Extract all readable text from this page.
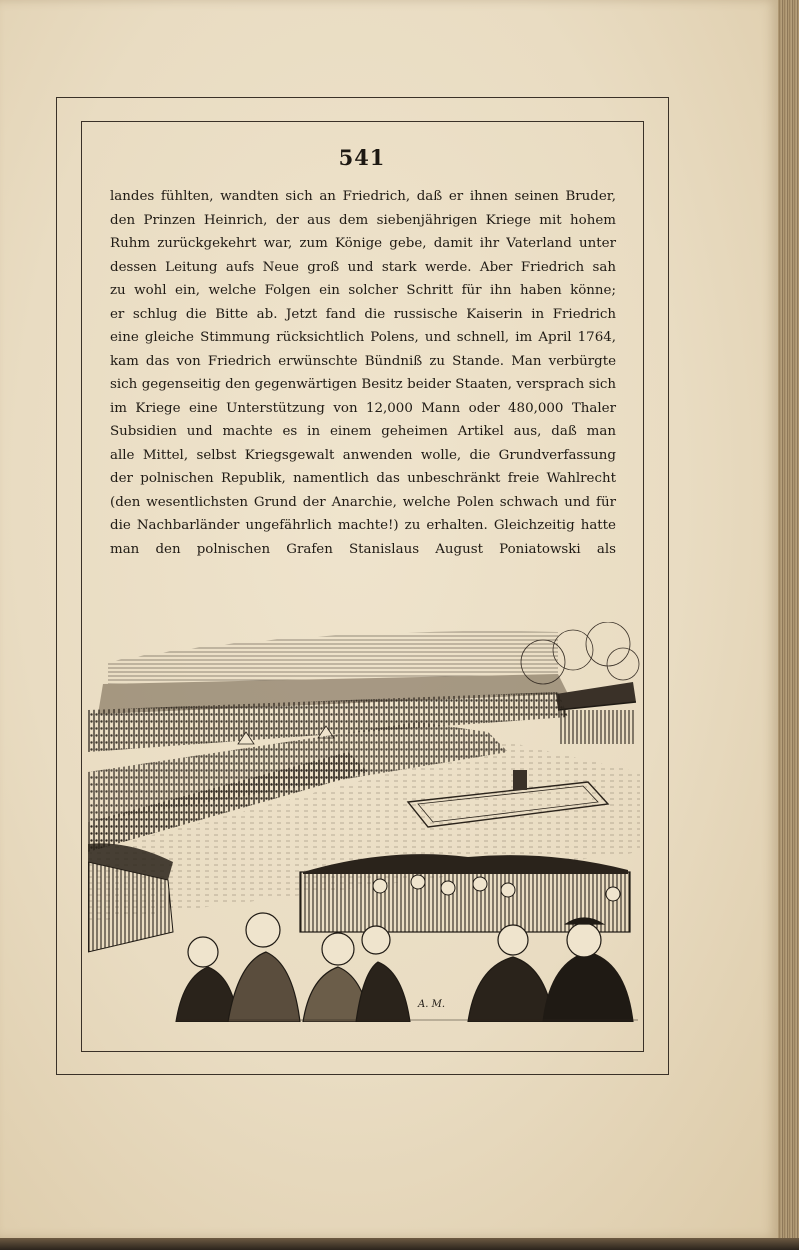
541
landes fühlten, wandten sich an Friedrich, daß er ihnen seinen Bruder,
den Prinzen Heinrich, der aus dem siebenjährigen Kriege mit hohem
Ruhm zurückgekehrt war, zum Könige gebe, damit ihr Vaterland unter
dessen Leitung aufs Neue groß und stark werde. Aber Friedrich sah
zu wohl ein, welche Folgen ein solcher Schritt für ihn haben könne;
er schlug die Bitte ab. Jetzt fand die russische Kaiserin in Friedrich
eine gleiche Stimmung rücksichtlich Polens, und schnell, im April 1764,
kam das von Friedrich erwünschte Bündniß zu Stande. Man verbürgte
sich gegenseitig den gegenwärtigen Besitz beider Staaten, versprach sich
im Kriege eine Unterstützung von 12,000 Mann oder 480,000 Thaler
Subsidien und machte es in einem geheimen Artikel aus, daß man
alle Mittel, selbst Kriegsgewalt anwenden wolle, die Grundverfassung
der polnischen Republik, namentlich das unbeschränkt freie Wahlrecht
(den wesentlichsten Grund der Anarchie, welche Polen schwach und für
die Nachbarländer ungefährlich machte!) zu erhalten. Gleichzeitig hatte
man den polnischen Grafen Stanislaus August Poniatowski als
A. M.
